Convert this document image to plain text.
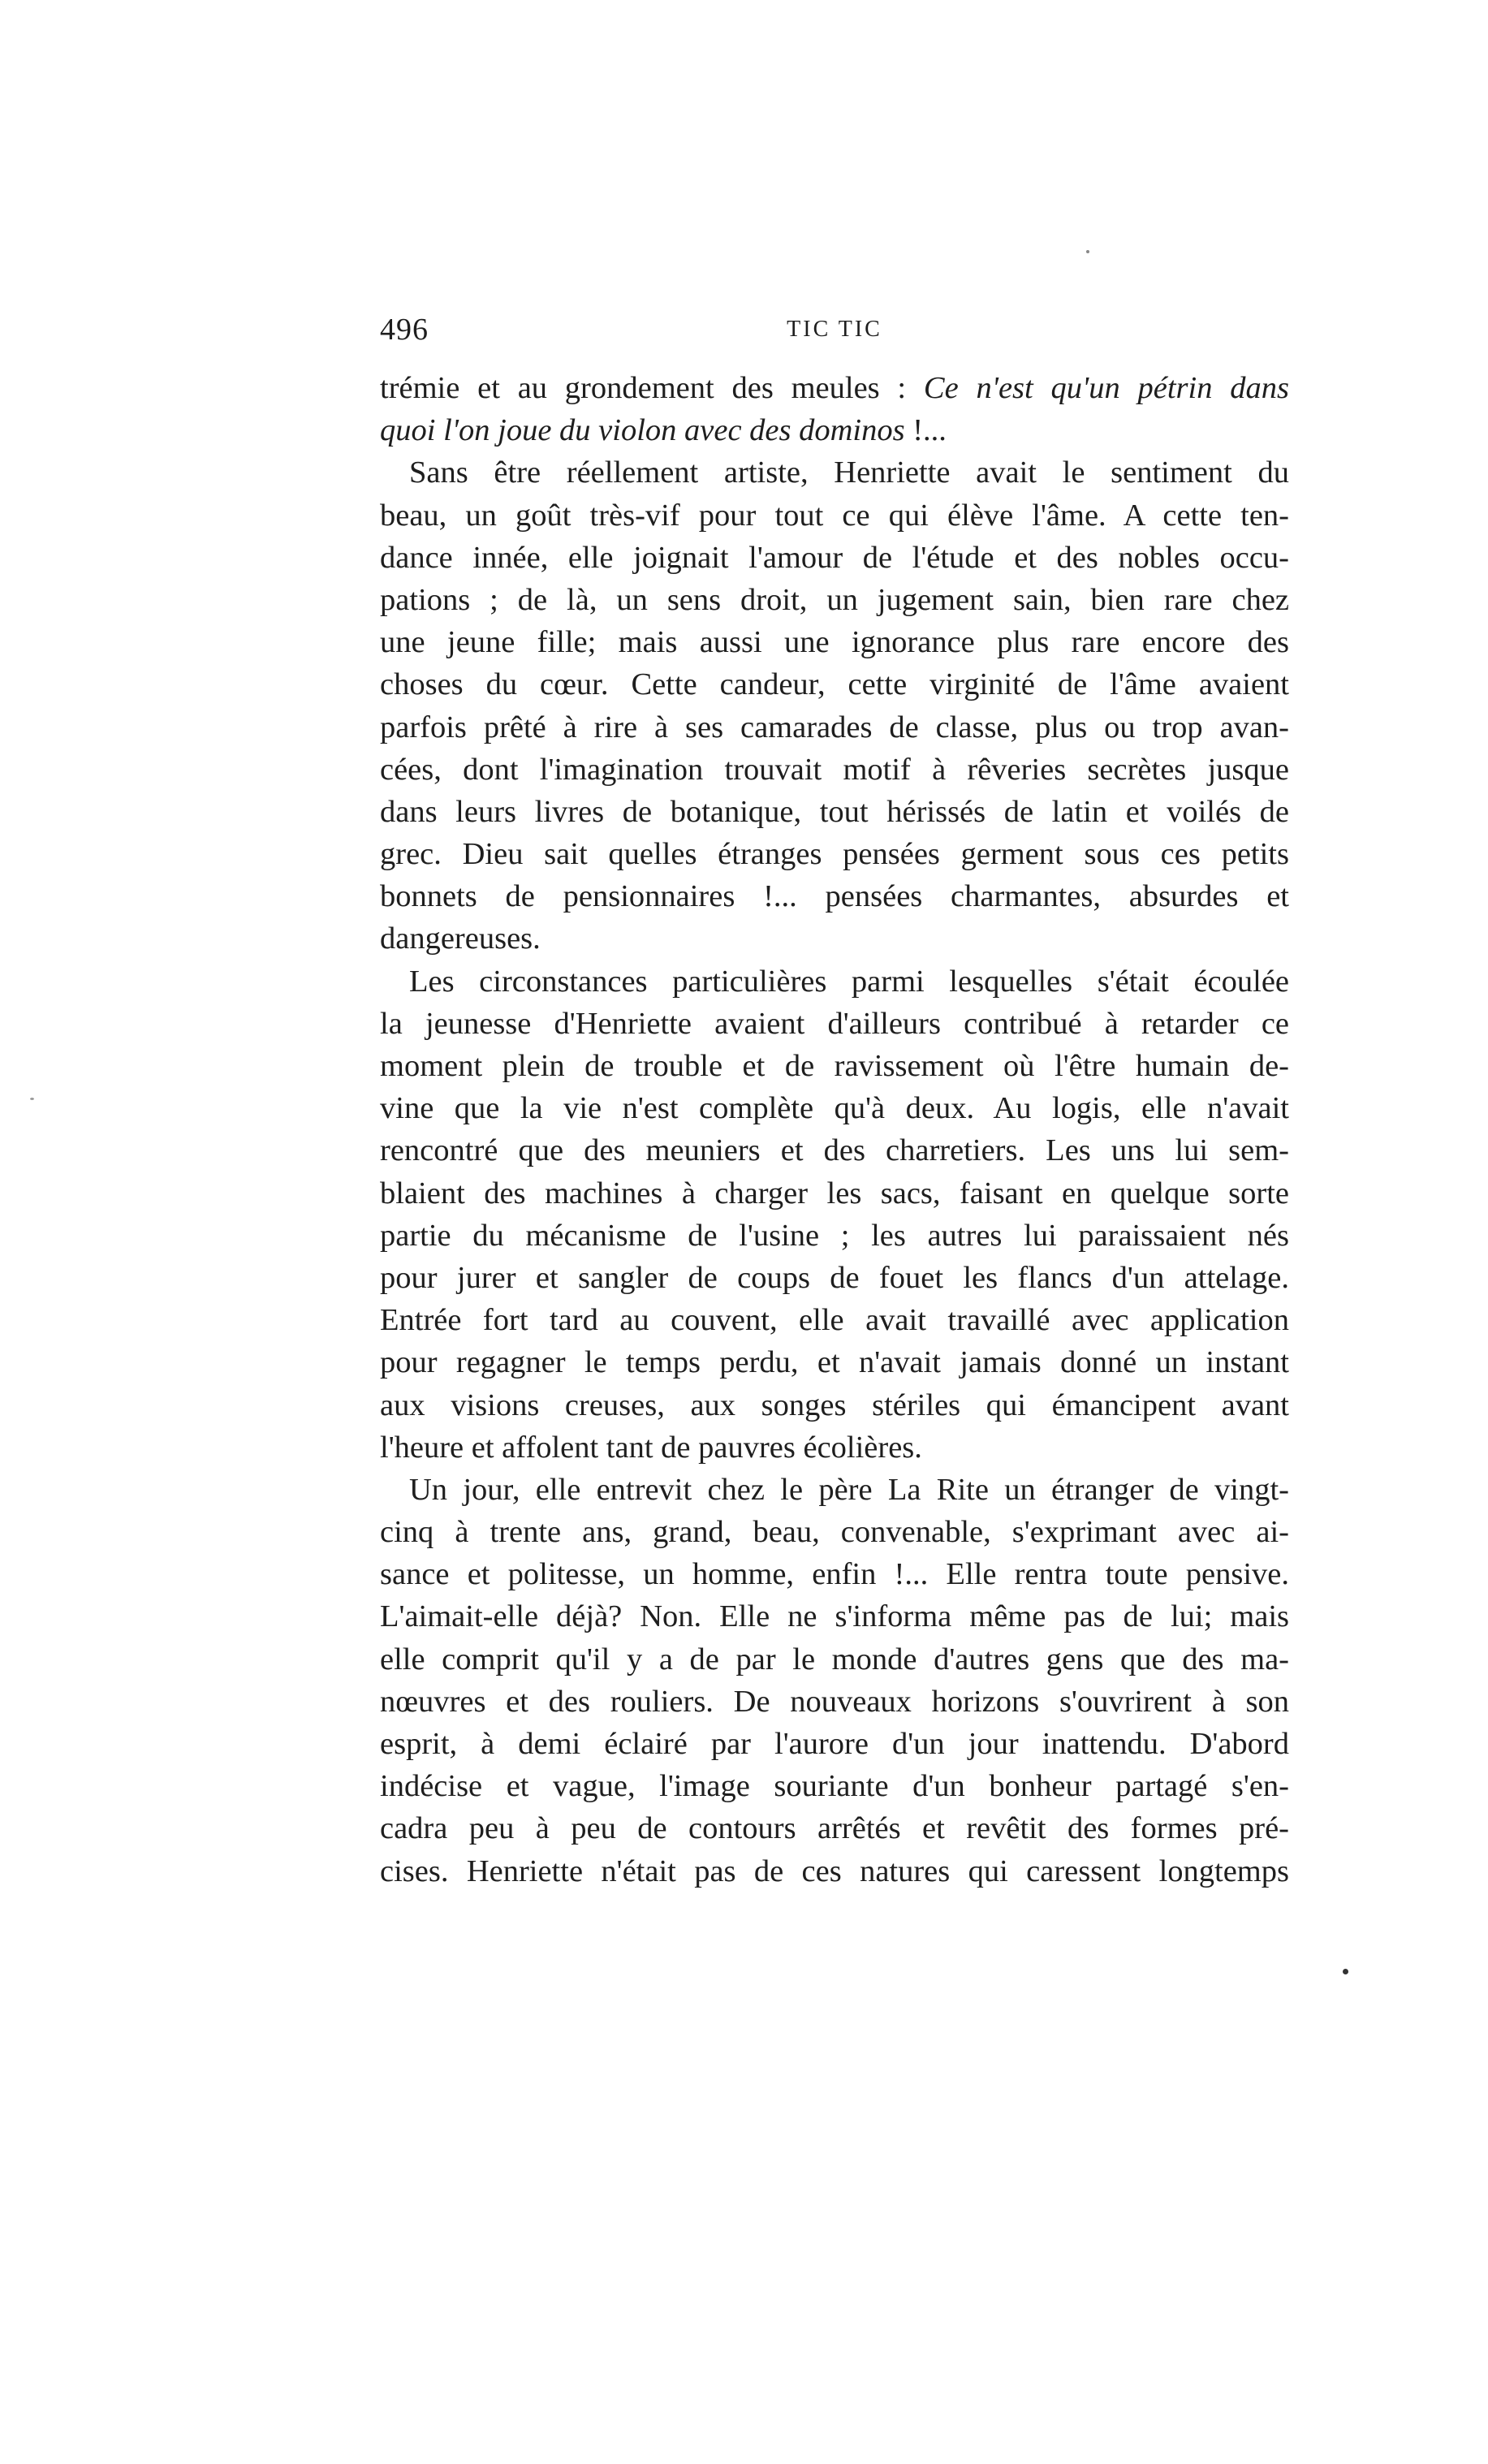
496	TIC TIC
trémie et au grondement des meules : Ce n'est qu'un pétrin dans
quoi l'on joue du violon avec des dominos !...
Sans être réellement artiste, Henriette avait le sentiment du
beau, un goût très-vif pour tout ce qui élève l'âme. A cette ten-
dance innée, elle joignait l'amour de l'étude et des nobles occu-
pations ; de là, un sens droit, un jugement sain, bien rare chez
une jeune fille; mais aussi une ignorance plus rare encore des
choses du cœur. Cette candeur, cette virginité de l'âme avaient
parfois prêté à rire à ses camarades de classe, plus ou trop avan-
cées, dont l'imagination trouvait motif à rêveries secrètes jusque
dans leurs livres de botanique, tout hérissés de latin et voilés de
grec. Dieu sait quelles étranges pensées germent sous ces petits
bonnets de pensionnaires !... pensées charmantes, absurdes et
dangereuses.
Les circonstances particulières parmi lesquelles s'était écoulée
la jeunesse d'Henriette avaient d'ailleurs contribué à retarder ce
moment plein de trouble et de ravissement où l'être humain de-
vine que la vie n'est complète qu'à deux. Au logis, elle n'avait
rencontré que des meuniers et des charretiers. Les uns lui sem-
blaient des machines à charger les sacs, faisant en quelque sorte
partie du mécanisme de l'usine ; les autres lui paraissaient nés
pour jurer et sangler de coups de fouet les flancs d'un attelage.
Entrée fort tard au couvent, elle avait travaillé avec application
pour regagner le temps perdu, et n'avait jamais donné un instant
aux visions creuses, aux songes stériles qui émancipent avant
l'heure et affolent tant de pauvres écolières.
Un jour, elle entrevit chez le père La Rite un étranger de vingt-
cinq à trente ans, grand, beau, convenable, s'exprimant avec ai-
sance et politesse, un homme, enfin !... Elle rentra toute pensive.
L'aimait-elle déjà? Non. Elle ne s'informa même pas de lui; mais
elle comprit qu'il y a de par le monde d'autres gens que des ma-
nœuvres et des rouliers. De nouveaux horizons s'ouvrirent à son
esprit, à demi éclairé par l'aurore d'un jour inattendu. D'abord
indécise et vague, l'image souriante d'un bonheur partagé s'en-
cadra peu à peu de contours arrêtés et revêtit des formes pré-
cises. Henriette n'était pas de ces natures qui caressent longtemps
